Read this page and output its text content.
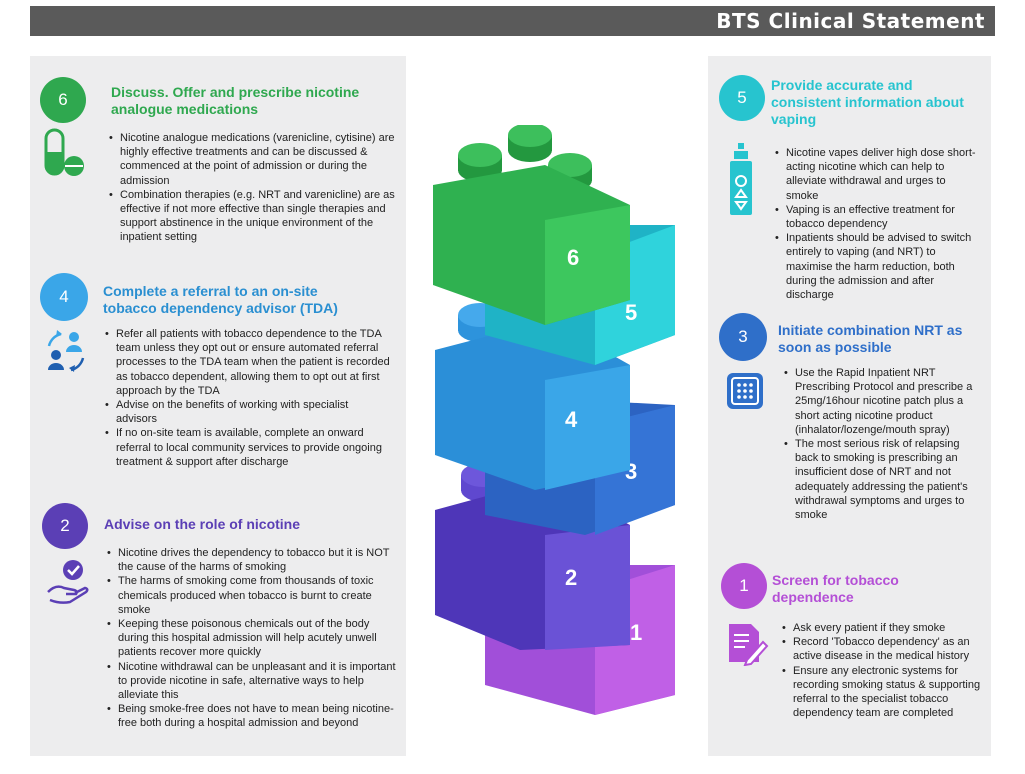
BTS Clinical Statement
6	Discuss. Offer and prescribe nicotine analogue medications
• Nicotine analogue medications (varenicline, cytisine) are highly effective treatments and can be discussed & commenced at the point of admission or during the admission
• Combination therapies (e.g. NRT and varenicline) are as effective if not more effective than single therapies and support abstinence in the unique environment of the inpatient setting
4 Complete a referral to an on-site tobacco dependency advisor (TDA)
• Refer all patients with tobacco dependence to the TDA team unless they opt out or ensure automated referral processes to the TDA team when the patient is recorded as tobacco dependent, allowing them to opt out at first approach by the TDA
• Advise on the benefits of working with specialist advisors
• If no on-site team is available, complete an onward referral to local community services to provide ongoing treatment & support after discharge
2 Advise on the role of nicotine
• Nicotine drives the dependency to tobacco but it is NOT the cause of the harms of smoking
• The harms of smoking come from thousands of toxic chemicals produced when tobacco is burnt to create smoke
• Keeping these poisonous chemicals out of the body during this hospital admission will help acutely unwell patients recover more quickly
• Nicotine withdrawal can be unpleasant and it is important to provide nicotine in safe, alternative ways to help alleviate this
• Being smoke-free does not have to mean being nicotine-free both during a hospital admission and beyond
5
Provide accurate and consistent information about vaping
• Nicotine vapes deliver high dose short-acting nicotine which can help to alleviate withdrawal and urges to smoke
• Vaping is an effective treatment for tobacco dependency
• Inpatients should be advised to switch entirely to vaping (and NRT) to maximise the harm reduction, both during the admission and after discharge
3 Initiate combination NRT as soon as possible
• Use the Rapid Inpatient NRT Prescribing Protocol and prescribe a 25mg/16hour nicotine patch plus a short acting nicotine product (inhalator/lozenge/mouth spray)
• The most serious risk of relapsing back to smoking is prescribing an insufficient dose of NRT and not adequately addressing the patient's withdrawal symptoms and urges to smoke
1 Screen for tobacco dependence
• Ask every patient if they smoke
• Record 'Tobacco dependency' as an active disease in the medical history
• Ensure any electronic systems for recording smoking status & supporting referral to the specialist tobacco dependency team are completed
1
2
3
4
5
6
